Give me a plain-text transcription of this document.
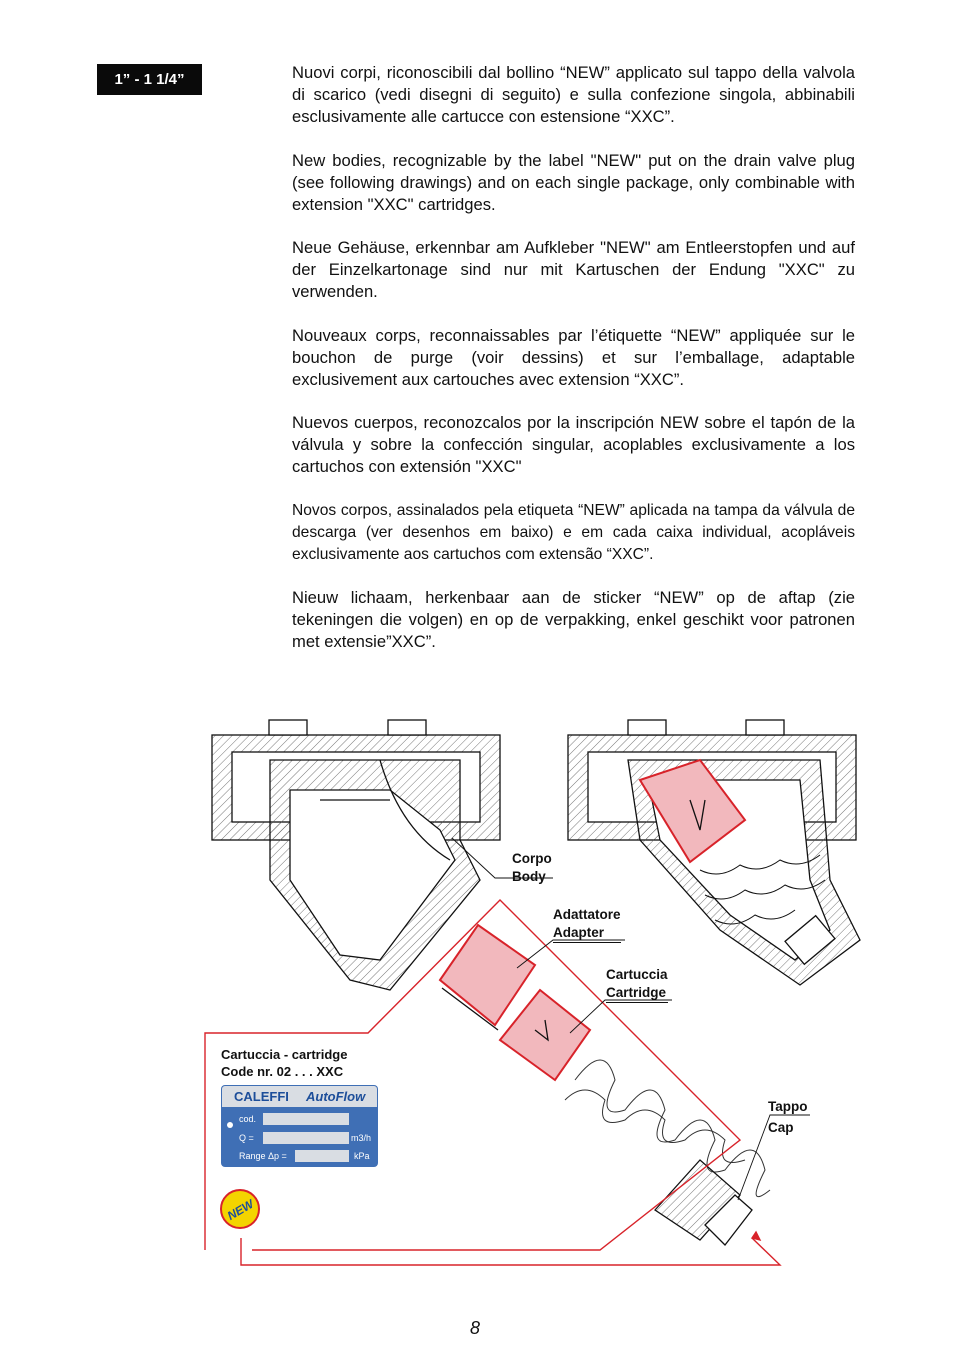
1” - 1 1/4”	Nuovi corpi, riconoscibili dal bollino “NEW” applicato sul tappo della valvola di scarico (vedi disegni di seguito) e sulla confezione singola, abbinabili esclusivamente alle cartucce con estensione “XXC”.

New bodies, recognizable by the label "NEW" put on the drain valve plug (see following drawings) and on each single package, only combinable with extension "XXC" cartridges.

Neue Gehäuse, erkennbar am Aufkleber "NEW" am Entleerstopfen und auf der Einzelkartonage sind nur mit Kartuschen der Endung "XXC" zu verwenden.

Nouveaux corps, reconnaissables par l’étiquette “NEW” appliquée sur le bouchon de purge (voir dessins) et sur l’emballage, adaptable exclusivement aux cartouches avec extension “XXC”.

Nuevos cuerpos, reconozcalos por la inscripción NEW sobre el tapón de la válvula y sobre la confección singular, acoplables exclusivamente a los cartuchos con extensión "XXC"

Novos corpos, assinalados pela etiqueta “NEW” aplicada na tampa da válvula de descarga (ver desenhos em baixo) e em cada caixa individual, acopláveis exclusivamente aos cartuchos com extensão “XXC”.

Nieuw lichaam, herkenbaar aan de sticker “NEW” op de aftap (zie tekeningen die volgen) en op de verpakking, enkel geschikt voor patronen met extensie”XXC”.

NEW
Corpo
Body
Adattatore
Adapter
Cartuccia
Cartridge
Tappo
Cap
Cartuccia - cartridge
Code nr. 02 . . . XXC
CALEFFI AutoFlow
cod.
Q =	m3/h
Range Δp =	kPa
8
